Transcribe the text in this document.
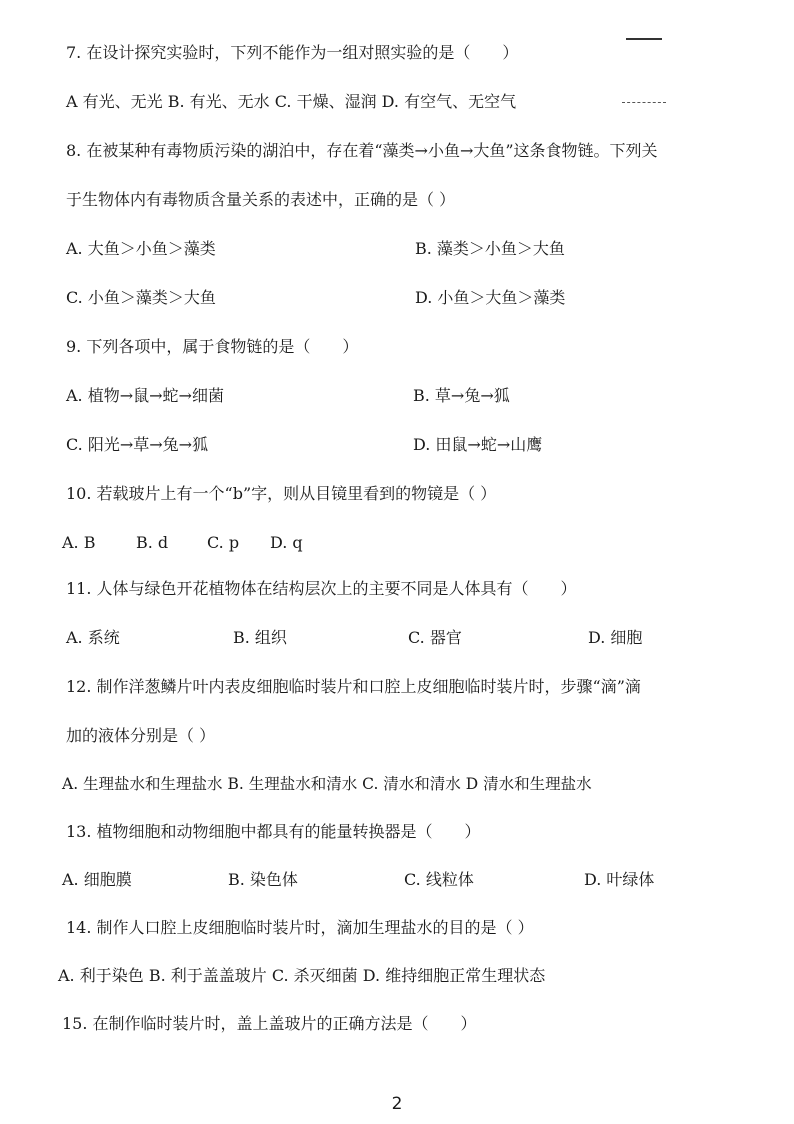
7. 在设计探究实验时，下列不能作为一组对照实验的是（　　）
A 有光、无光 B. 有光、无水 C. 干燥、湿润 D. 有空气、无空气
8. 在被某种有毒物质污染的湖泊中，存在着“藻类→小鱼→大鱼”这条食物链。下列关
于生物体内有毒物质含量关系的表述中，正确的是（ ）
A. 大鱼＞小鱼＞藻类	B. 藻类＞小鱼＞大鱼
C. 小鱼＞藻类＞大鱼	D. 小鱼＞大鱼＞藻类
9. 下列各项中，属于食物链的是（　　）
A. 植物→鼠→蛇→细菌	B. 草→兔→狐
C. 阳光→草→兔→狐	D. 田鼠→蛇→山鹰
10. 若载玻片上有一个“b”字，则从目镜里看到的物镜是（ ）
A. B	B. d C. p D. q
11. 人体与绿色开花植物体在结构层次上的主要不同是人体具有（　　）
A. 系统	B. 组织	C. 器官	D. 细胞
12. 制作洋葱鳞片叶内表皮细胞临时装片和口腔上皮细胞临时装片时，步骤“滴”滴
加的液体分别是（ ）
A. 生理盐水和生理盐水 B. 生理盐水和清水 C. 清水和清水 D 清水和生理盐水
13. 植物细胞和动物细胞中都具有的能量转换器是（　　）
A. 细胞膜	B. 染色体	C. 线粒体	D. 叶绿体
14. 制作人口腔上皮细胞临时装片时，滴加生理盐水的目的是（ ）
A. 利于染色 B. 利于盖盖玻片 C. 杀灭细菌 D. 维持细胞正常生理状态
15. 在制作临时装片时，盖上盖玻片的正确方法是（　　）
2
